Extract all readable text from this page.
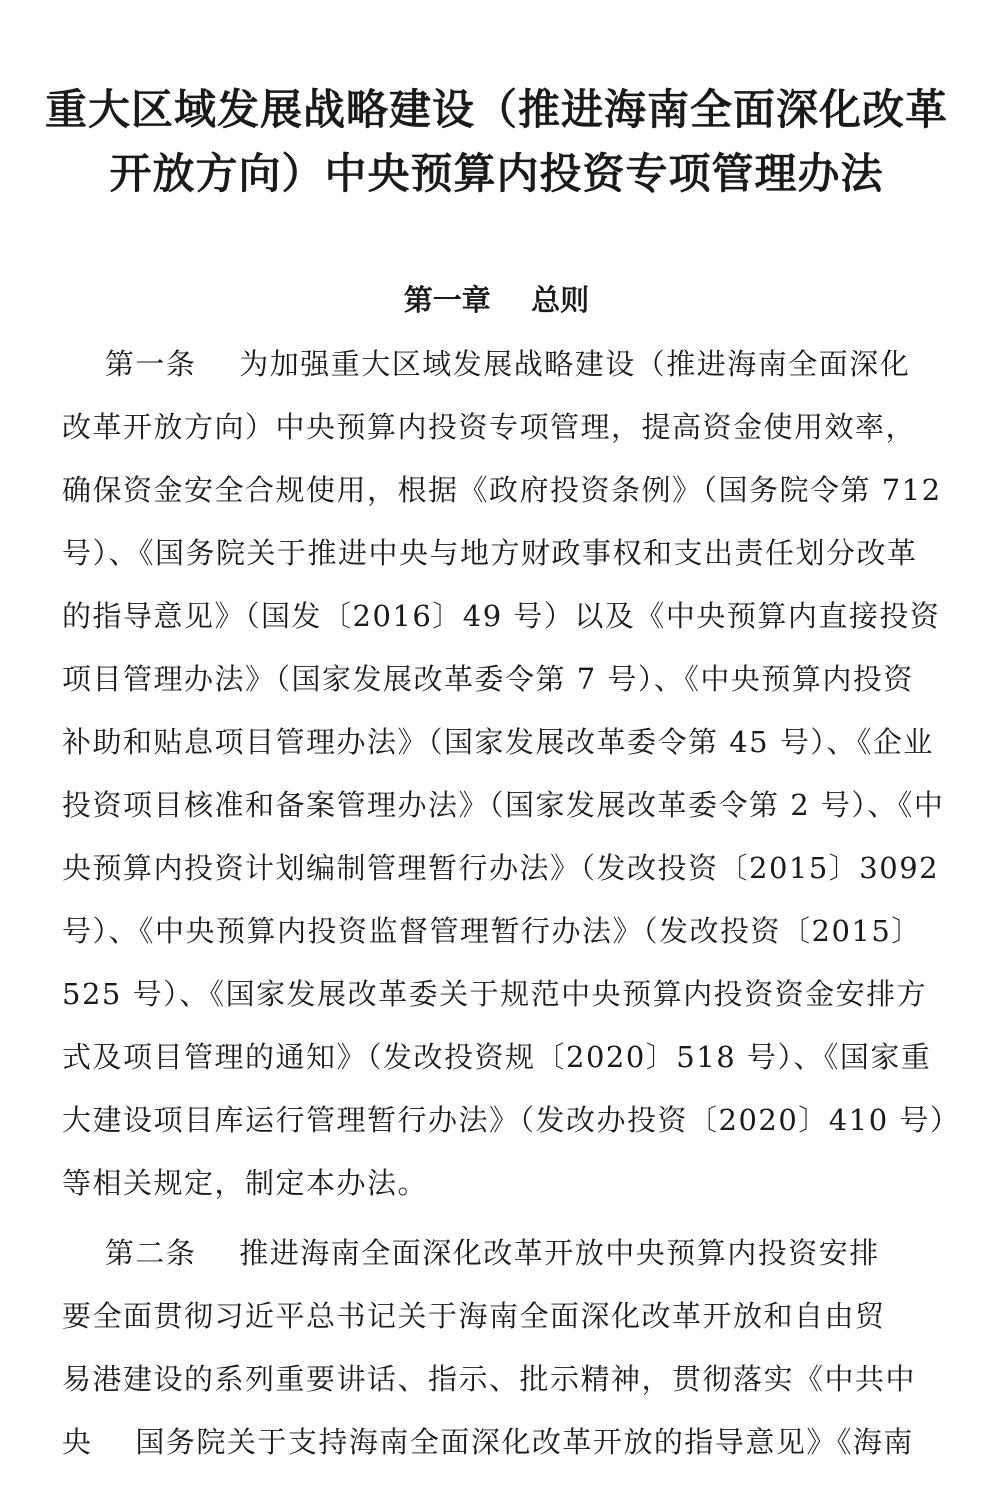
重大区域发展战略建设（推进海南全面深化改革
开放方向）中央预算内投资专项管理办法
第一章    总则
第一条    为加强重大区域发展战略建设（推进海南全面深化
改革开放方向）中央预算内投资专项管理，提高资金使用效率，
确保资金安全合规使用，根据《政府投资条例》（国务院令第 712
号）、《国务院关于推进中央与地方财政事权和支出责任划分改革
的指导意见》（国发〔2016〕49 号）以及《中央预算内直接投资
项目管理办法》（国家发展改革委令第 7 号）、《中央预算内投资
补助和贴息项目管理办法》（国家发展改革委令第 45 号）、《企业
投资项目核准和备案管理办法》（国家发展改革委令第 2 号）、《中
央预算内投资计划编制管理暂行办法》（发改投资〔2015〕3092
号）、《中央预算内投资监督管理暂行办法》（发改投资〔2015〕
525 号）、《国家发展改革委关于规范中央预算内投资资金安排方
式及项目管理的通知》（发改投资规〔2020〕518 号）、《国家重
大建设项目库运行管理暂行办法》（发改办投资〔2020〕410 号）
等相关规定，制定本办法。
第二条    推进海南全面深化改革开放中央预算内投资安排
要全面贯彻习近平总书记关于海南全面深化改革开放和自由贸
易港建设的系列重要讲话、指示、批示精神，贯彻落实《中共中
央    国务院关于支持海南全面深化改革开放的指导意见》《海南
